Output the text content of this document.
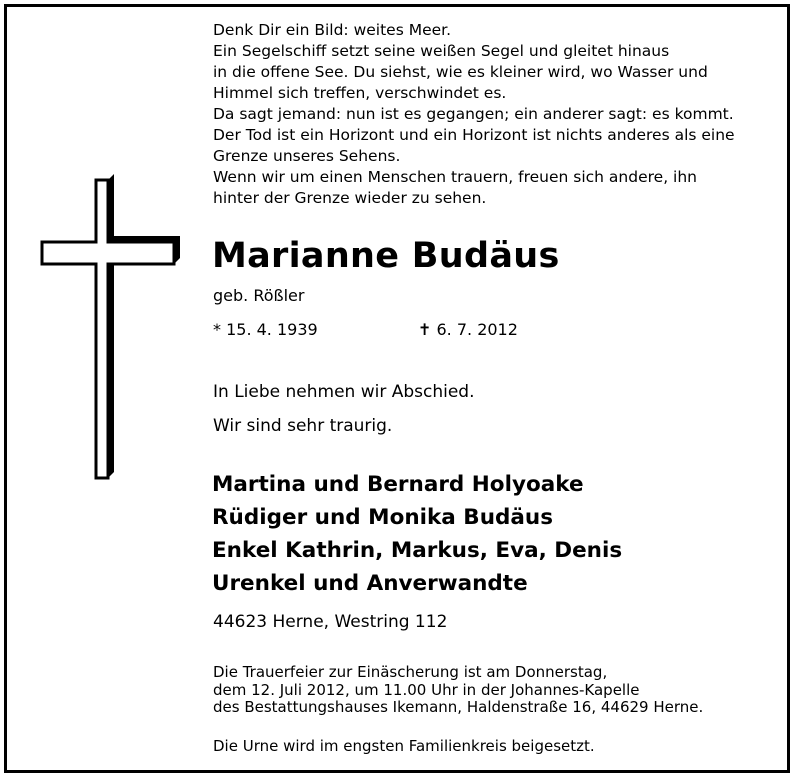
Denk Dir ein Bild: weites Meer.
Ein Segelschiff setzt seine weißen Segel und gleitet hinaus
in die offene See. Du siehst, wie es kleiner wird, wo Wasser und
Himmel sich treffen, verschwindet es.
Da sagt jemand: nun ist es gegangen; ein anderer sagt: es kommt.
Der Tod ist ein Horizont und ein Horizont ist nichts anderes als eine
Grenze unseres Sehens.
Wenn wir um einen Menschen trauern, freuen sich andere, ihn
hinter der Grenze wieder zu sehen.
Marianne Budäus
geb. Rößler
* 15. 4. 1939	✝ 6. 7. 2012
In Liebe nehmen wir Abschied.
Wir sind sehr traurig.
Martina und Bernard Holyoake
Rüdiger und Monika Budäus
Enkel Kathrin, Markus, Eva, Denis
Urenkel und Anverwandte
44623 Herne, Westring 112
Die Trauerfeier zur Einäscherung ist am Donnerstag,
dem 12. Juli 2012, um 11.00 Uhr in der Johannes-Kapelle
des Bestattungshauses Ikemann, Haldenstraße 16, 44629 Herne.
Die Urne wird im engsten Familienkreis beigesetzt.
